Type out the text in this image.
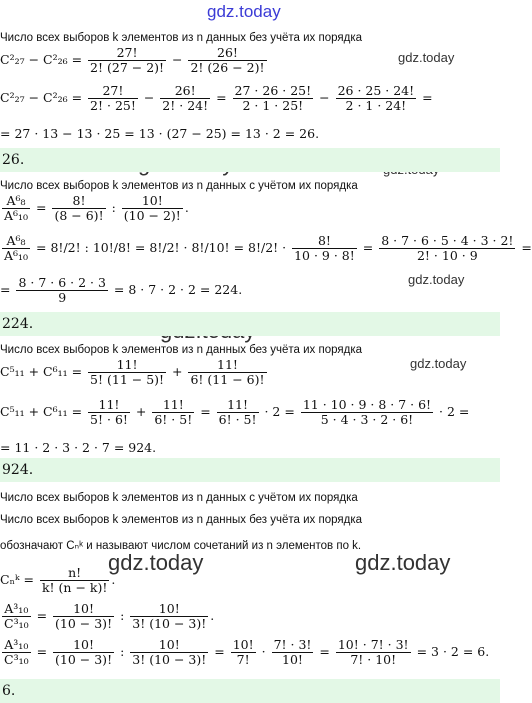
gdz.today
gdz.today
gdz.today
gdz.today
gdz.today	gdz.today
Число всех выборов k элементов из n данных без учёта их порядка
$C^2_{27} - C^2_{26} = \frac{27!}{2! (27 - 2)!} - \frac{26!}{2! (26 - 2)!}$
$C^2_{27} - C^2_{26} = \frac{27!}{2! \cdot 25!} - \frac{26!}{2! \cdot 24!} = \frac{27 \cdot 26 \cdot 25!}{2 \cdot 1 \cdot 25!} - \frac{26 \cdot 25 \cdot 24!}{2 \cdot 1 \cdot 24!}$ =
= 27 · 13 − 13 · 25 = 13 · (27 − 25) = 13 · 2 = 26.
26.
Число всех выборов k элементов из n данных с учётом их порядка
$\frac{\text{A⁶₈}}{\text{A⁶₁₀}} = \frac{8!}{(8 - 6)!}$ : $\frac{10!}{(10 - 2)!}$ .
$\frac{\text{A⁶₈}}{\text{A⁶₁₀}} = 8!/2$! : 10!/8! = 8!/2! · 8!/10! = 8!/2! · $\frac{8!}{10 \cdot 9 \cdot 8!} = \frac{8 \cdot 7 \cdot 6 \cdot 5 \cdot 4 \cdot 3 \cdot 2!}{2! \cdot 10 \cdot 9}$ =
= $\frac{8 \cdot 7 \cdot 6 \cdot 2 \cdot 3}{9} = 8 \cdot 7 \cdot 2 \cdot 2 = 224$.
224.
Число всех выборов k элементов из n данных без учёта их порядка
$C^5_{11} + C^6_{11} = \frac{11!}{5! (11 - 5)!} + \frac{11!}{6! (11 - 6)!}$
$C^5_{11} + C^6_{11} = \frac{11!}{5! \cdot 6!} + \frac{11!}{6! \cdot 5!} = \frac{11!}{6! \cdot 5!} \cdot 2 = \frac{11 \cdot 10 \cdot 9 \cdot 8 \cdot 7 \cdot 6!}{5 \cdot 4 \cdot 3 \cdot 2 \cdot 6!} \cdot 2$ =
= 11 · 2 · 3 · 2 · 7 = 924.
924.
Число всех выборов k элементов из n данных с учётом их порядка
Число всех выборов k элементов из n данных без учёта их порядка
обозначают Cₙᵏ и называют числом сочетаний из n элементов по k.
Cₙᵏ = $\frac{n!}{k! (n - k)!}$ .
$\frac{\text{A³₁₀}}{\text{C³₁₀}} = \frac{10!}{(10 - 3)!}$ : $\frac{10!}{3! (10 - 3)!}$ .
$\frac{\text{A³₁₀}}{\text{C³₁₀}} = \frac{10!}{(10 - 3)!}$ : $\frac{10!}{3! (10 - 3)!} = \frac{10!}{7!} \cdot \frac{7! \cdot 3!}{10!} = \frac{10! \cdot 7! \cdot 3!}{7! \cdot 10!} = 3 \cdot 2 = 6$.
6.
